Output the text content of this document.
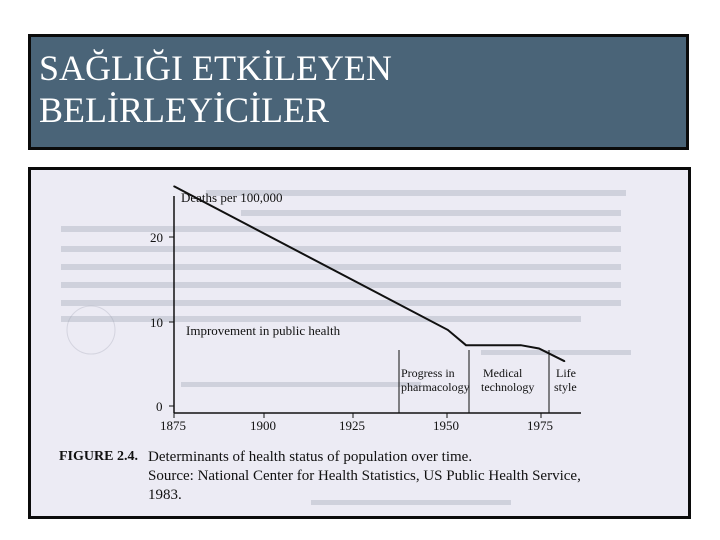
SAĞLIĞI ETKİLEYEN
BELİRLEYİCİLER
Deaths per 100,000
20
10
0
1875	1900	1925	1950	1975
Improvement in public health
Progress in
pharmacology
Medical
technology
Life
style
FIGURE 2.4. Determinants of health status of population over time.
Source: National Center for Health Statistics, US Public Health Service,
1983.
